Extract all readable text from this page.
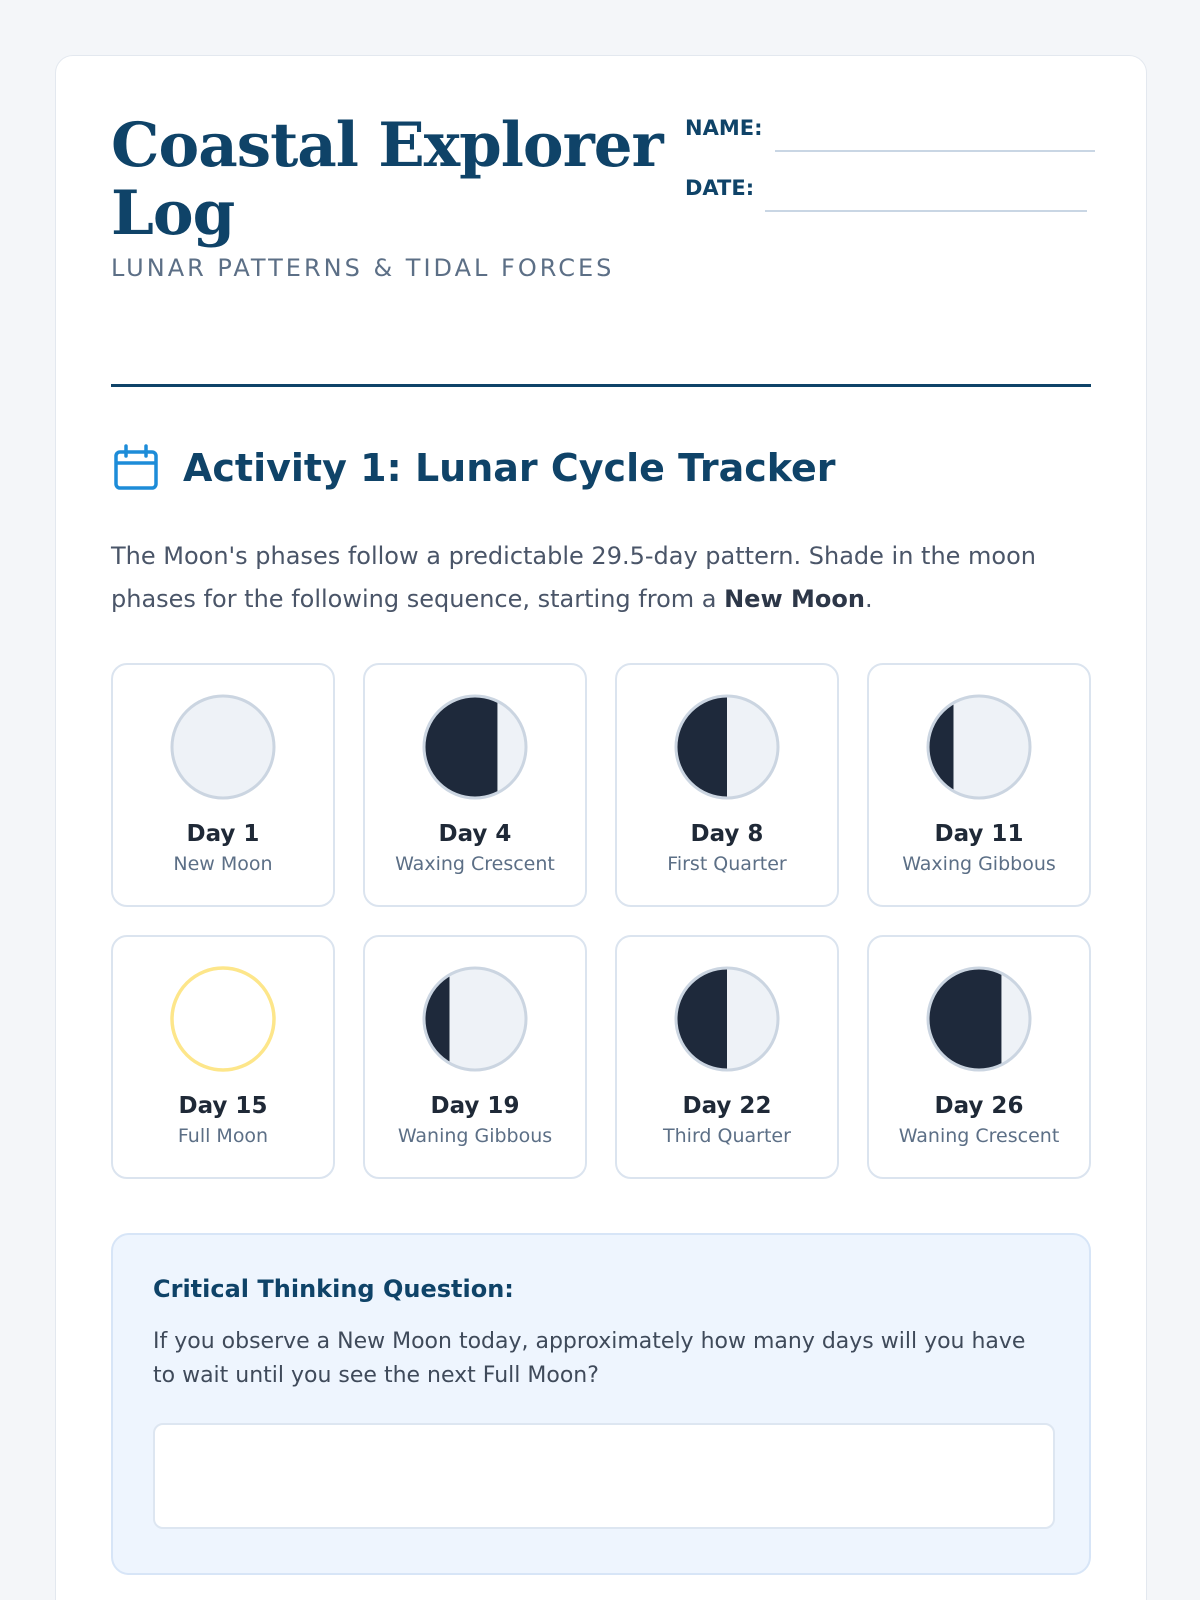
Coastal Explorer Log
LUNAR PATTERNS & TIDAL FORCES
NAME:
DATE:
Activity 1: Lunar Cycle Tracker

The Moon's phases follow a predictable 29.5-day pattern. Shade in the moon phases for the following sequence, starting from a New Moon.

Day 1
New Moon
Day 4
Waxing Crescent
Day 8
First Quarter
Day 11
Waxing Gibbous
Day 15
Full Moon
Day 19
Waning Gibbous
Day 22
Third Quarter
Day 26
Waning Crescent
Critical Thinking Question:
If you observe a New Moon today, approximately how many days will you have to wait until you see the next Full Moon?
